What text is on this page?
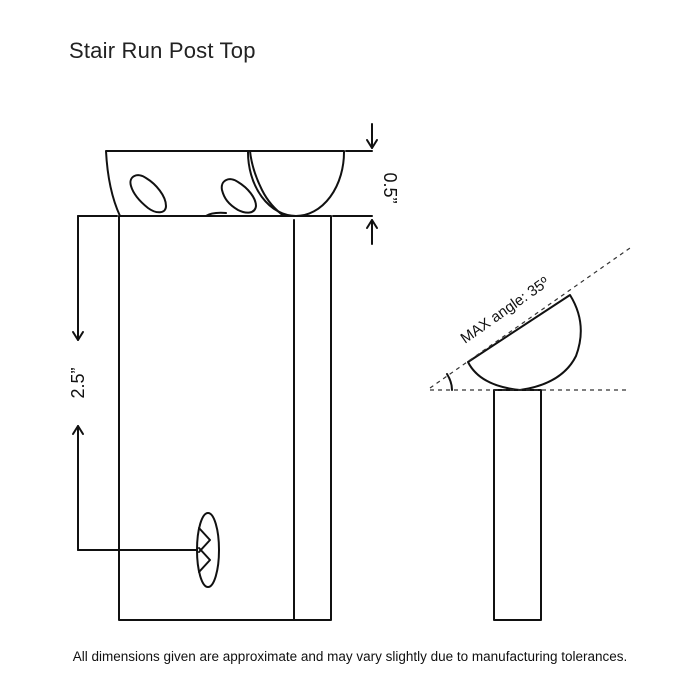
Stair Run Post Top
0.5”
2.5”
MAX angle: 35º
All dimensions given are approximate and may vary slightly due to manufacturing tolerances.
